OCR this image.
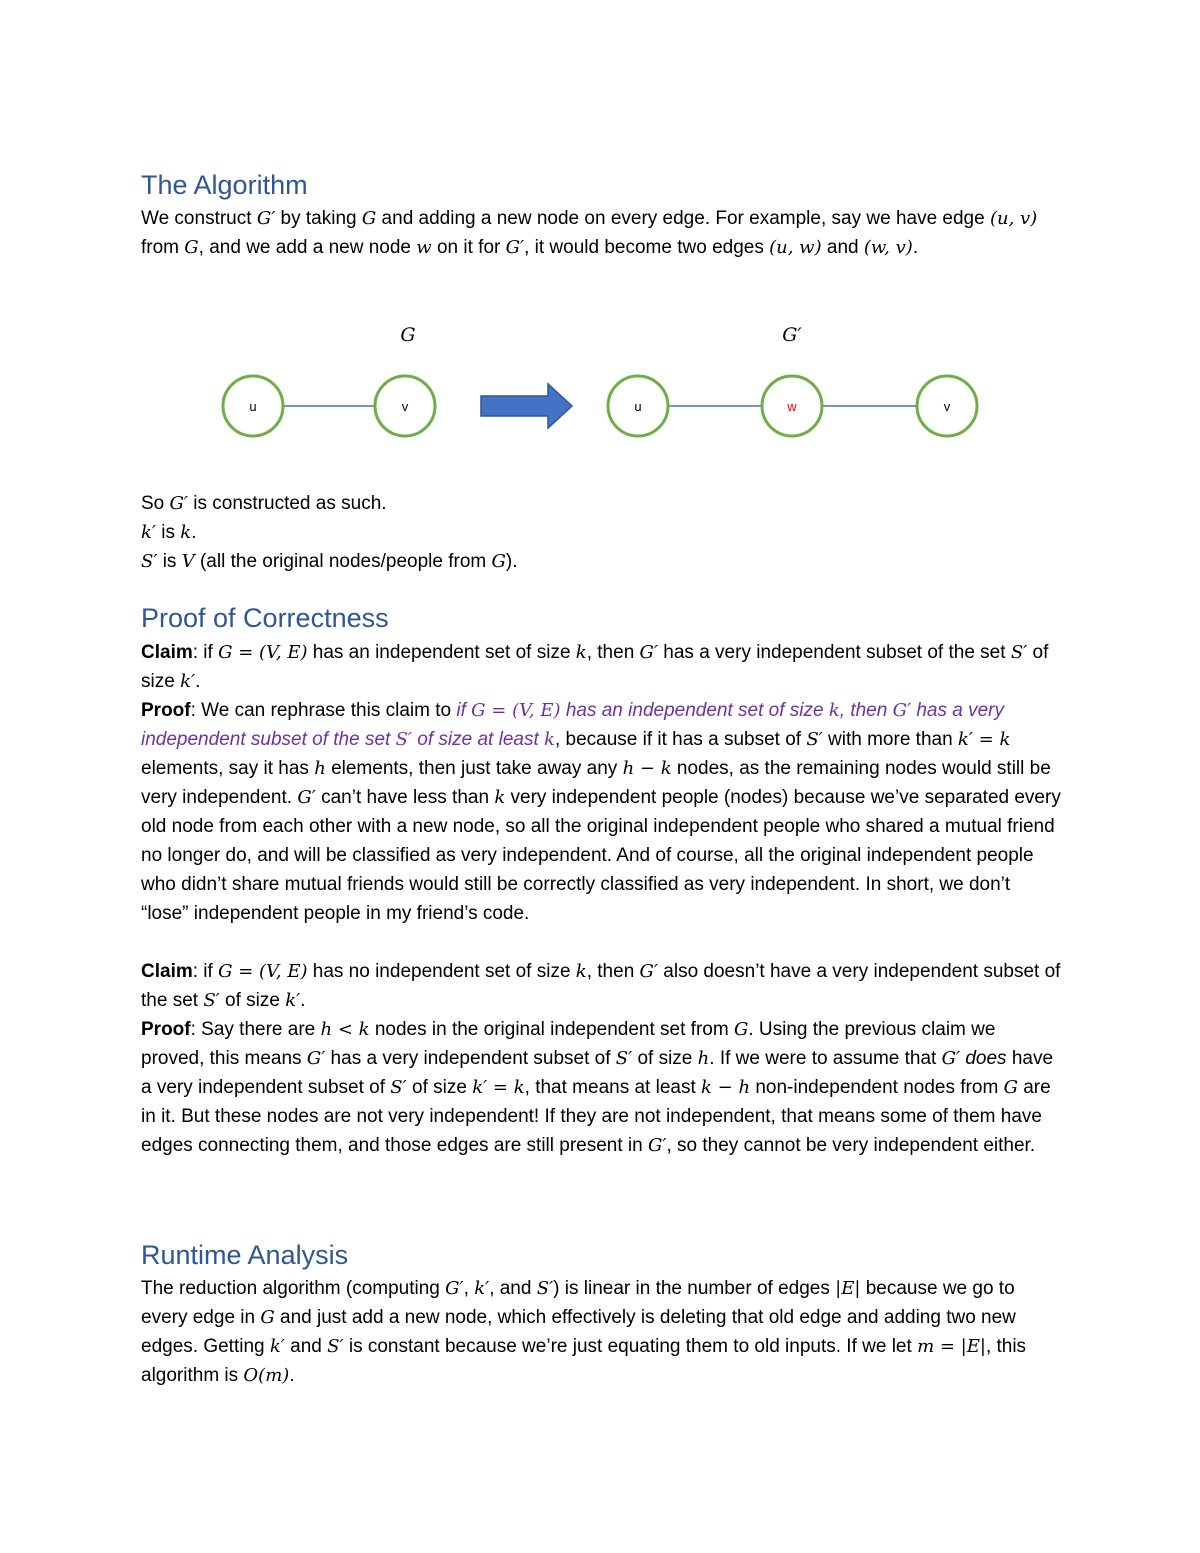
The Algorithm

We construct G′ by taking G and adding a new node on every edge. For example, say we have edge (u, v) from G, and we add a new node w on it for G′, it would become two edges (u, w) and (w, v).

G	G′
u	v	u	w	v

So G′ is constructed as such.

k′ is k.

S′ is V (all the original nodes/people from G).

Proof of Correctness

Claim: if G = (V, E) has an independent set of size k, then G′ has a very independent subset of the set S′ of size k′.

Proof: We can rephrase this claim to if G = (V, E) has an independent set of size k, then G′ has a very independent subset of the set S′ of size at least k, because if it has a subset of S′ with more than k′ = k elements, say it has h elements, then just take away any h − k nodes, as the remaining nodes would still be very independent. G′ can’t have less than k very independent people (nodes) because we’ve separated every old node from each other with a new node, so all the original independent people who shared a mutual friend no longer do, and will be classified as very independent. And of course, all the original independent people who didn’t share mutual friends would still be correctly classified as very independent. In short, we don’t “lose” independent people in my friend’s code.

Claim: if G = (V, E) has no independent set of size k, then G′ also doesn’t have a very independent subset of the set S′ of size k′.

Proof: Say there are h < k nodes in the original independent set from G. Using the previous claim we proved, this means G′ has a very independent subset of S′ of size h. If we were to assume that G′ does have a very independent subset of S′ of size k′ = k, that means at least k − h non-independent nodes from G are in it. But these nodes are not very independent! If they are not independent, that means some of them have edges connecting them, and those edges are still present in G′, so they cannot be very independent either.

Runtime Analysis

The reduction algorithm (computing G′, k′, and S′) is linear in the number of edges |E| because we go to every edge in G and just add a new node, which effectively is deleting that old edge and adding two new edges. Getting k′ and S′ is constant because we’re just equating them to old inputs. If we let m = |E|, this algorithm is O(m).
